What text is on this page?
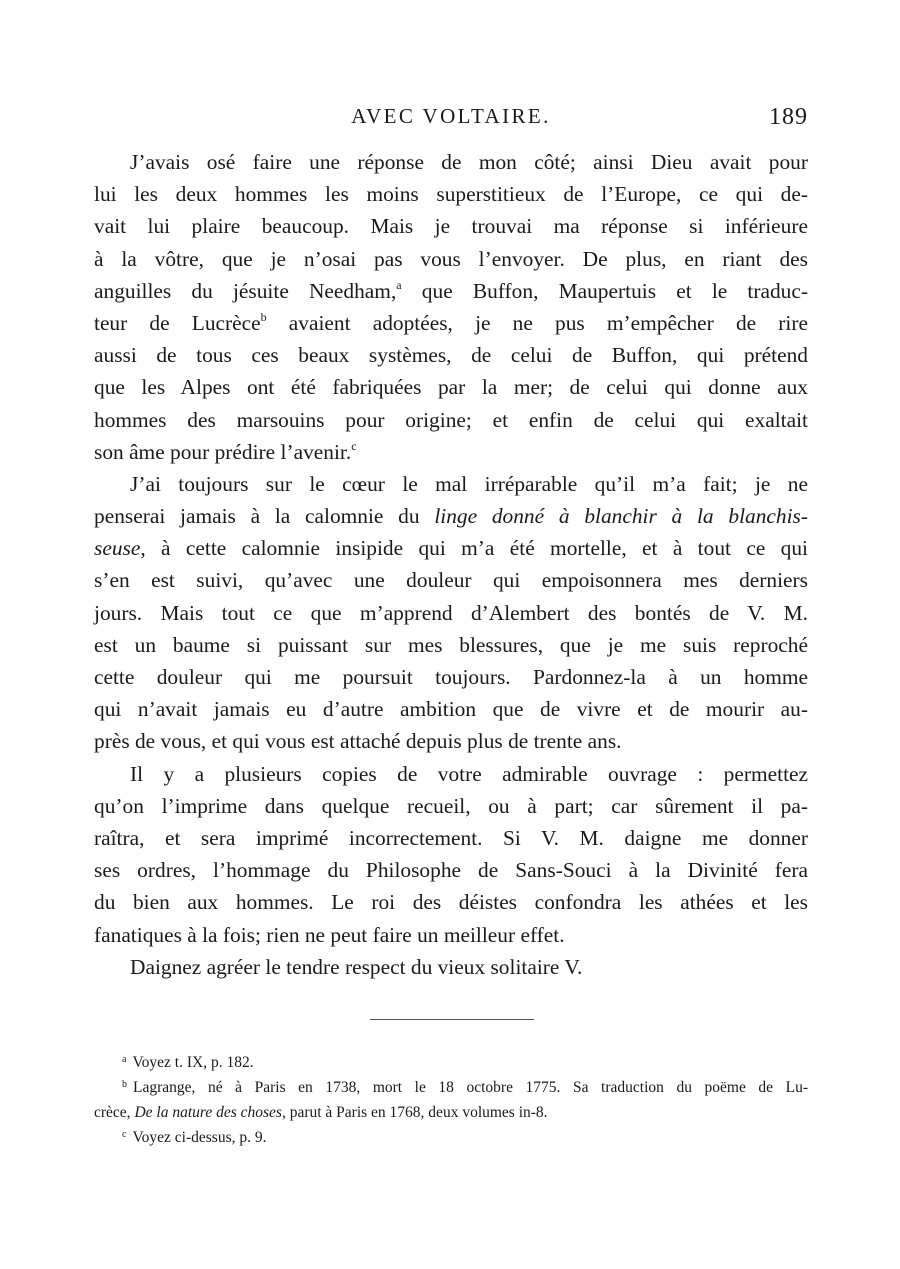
AVEC VOLTAIRE.	189
J’avais osé faire une réponse de mon côté; ainsi Dieu avait pour
lui les deux hommes les moins superstitieux de l’Europe, ce qui de-
vait lui plaire beaucoup. Mais je trouvai ma réponse si inférieure
à la vôtre, que je n’osai pas vous l’envoyer. De plus, en riant des
anguilles du jésuite Needham,$^a$ que Buffon, Maupertuis et le traduc-
teur de Lucrèce$^b$ avaient adoptées, je ne pus m’empêcher de rire
aussi de tous ces beaux systèmes, de celui de Buffon, qui prétend
que les Alpes ont été fabriquées par la mer; de celui qui donne aux
hommes des marsouins pour origine; et enfin de celui qui exaltait
son âme pour prédire l’avenir.$^c$
J’ai toujours sur le cœur le mal irréparable qu’il m’a fait; je ne
penserai jamais à la calomnie du linge donné à blanchir à la blanchis-
seuse, à cette calomnie insipide qui m’a été mortelle, et à tout ce qui
s’en est suivi, qu’avec une douleur qui empoisonnera mes derniers
jours. Mais tout ce que m’apprend d’Alembert des bontés de V. M.
est un baume si puissant sur mes blessures, que je me suis reproché
cette douleur qui me poursuit toujours. Pardonnez-la à un homme
qui n’avait jamais eu d’autre ambition que de vivre et de mourir au-
près de vous, et qui vous est attaché depuis plus de trente ans.
Il y a plusieurs copies de votre admirable ouvrage : permettez
qu’on l’imprime dans quelque recueil, ou à part; car sûrement il pa-
raîtra, et sera imprimé incorrectement. Si V. M. daigne me donner
ses ordres, l’hommage du Philosophe de Sans-Souci à la Divinité fera
du bien aux hommes. Le roi des déistes confondra les athées et les
fanatiques à la fois; rien ne peut faire un meilleur effet.
Daignez agréer le tendre respect du vieux solitaire V.
$^a$ Voyez t. IX, p. 182.
$^b$ Lagrange, né à Paris en 1738, mort le 18 octobre 1775. Sa traduction du poëme de Lu-
crèce, De la nature des choses, parut à Paris en 1768, deux volumes in-8.
$^c$ Voyez ci-dessus, p. 9.
